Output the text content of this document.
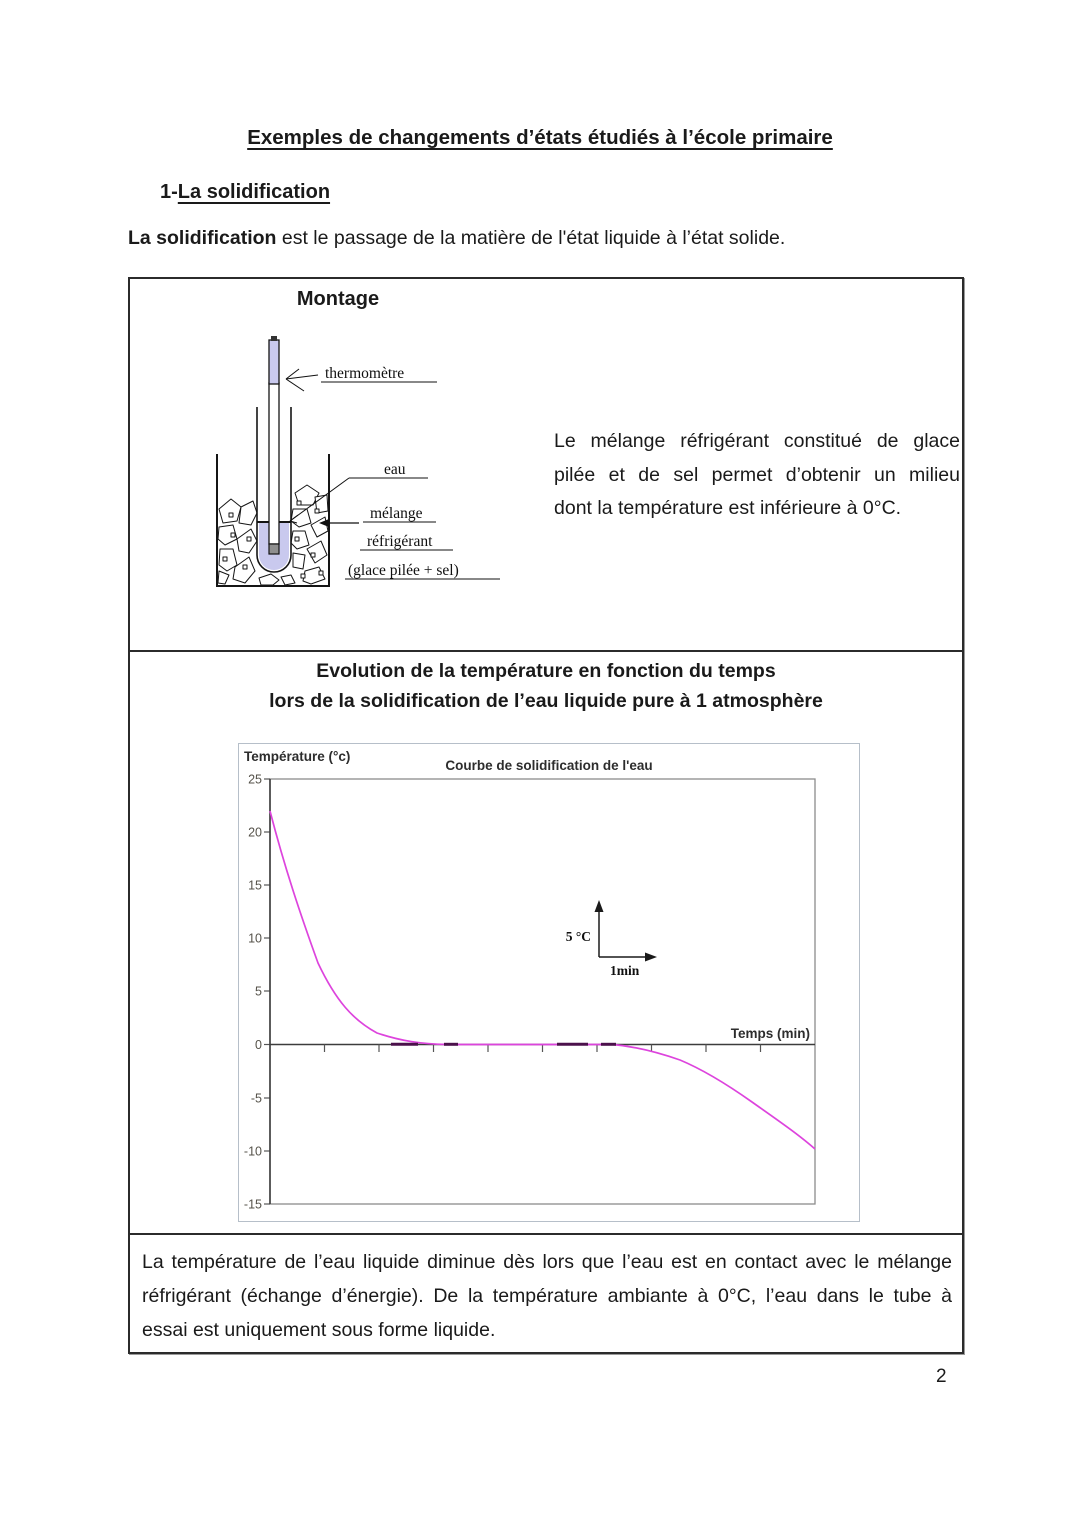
Exemples de changements d’états étudiés à l’école primaire
1-La solidification
La solidification est le passage de la matière de l'état liquide à l’état solide.
Montage
thermomètre
eau
mélange
réfrigérant
(glace pilée + sel)
Le mélange réfrigérant constitué de glace
pilée et de sel permet d’obtenir un milieu
dont la température est inférieure à 0°C.
Evolution de la température en fonction du temps
lors de la solidification de l’eau liquide pure à 1 atmosphère
Température (°c)
Courbe de solidification de l'eau
25
20
15
10
5
0
-5
-10
-15
Temps (min)
5 °C
1min
La température de l’eau liquide diminue dès lors que l’eau est en contact avec le mélange
réfrigérant (échange d’énergie). De la température ambiante à 0°C, l’eau dans le tube à
essai est uniquement sous forme liquide.
2
